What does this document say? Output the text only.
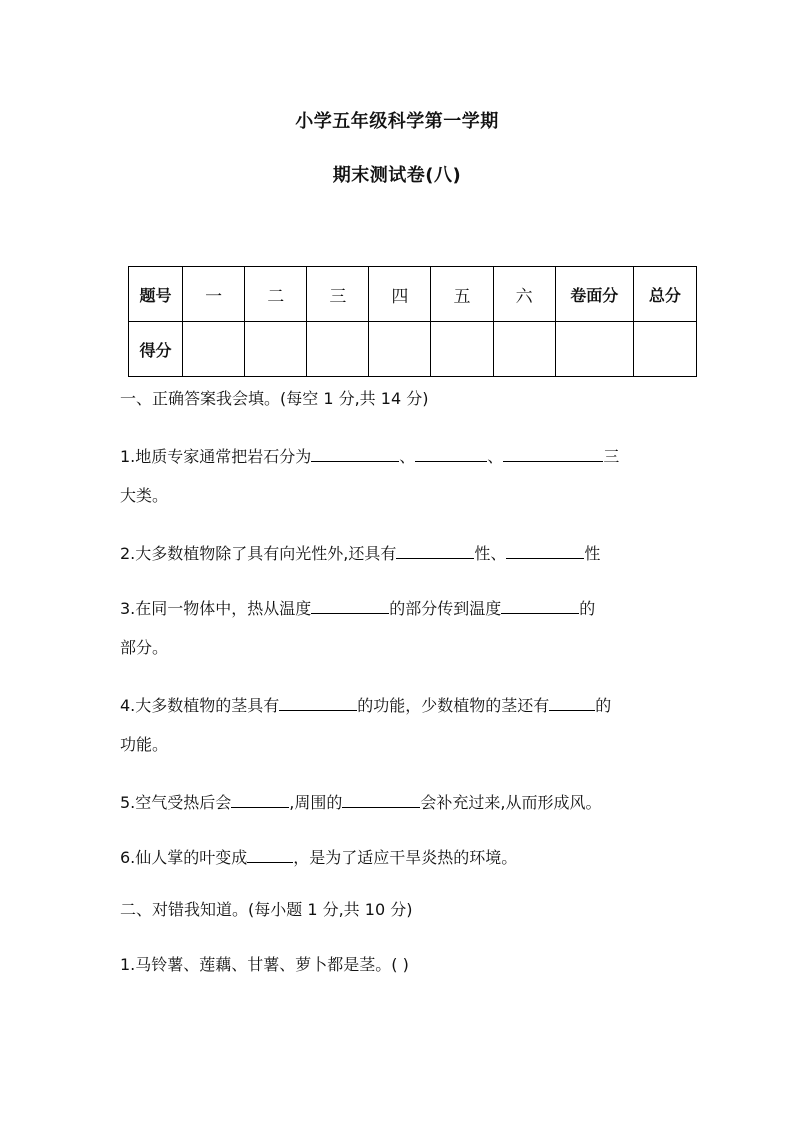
小学五年级科学第一学期
期末测试卷(八)
题号	一	二	三	四	五	六	卷面分	总分
得分								
一、正确答案我会填。(每空 1 分,共 14 分)
1.地质专家通常把岩石分为	、	、	三
大类。
2.大多数植物除了具有向光性外,还具有	性、	性
3.在同一物体中，热从温度	的部分传到温度	的
部分。
4.大多数植物的茎具有	的功能，少数植物的茎还有	的
功能。
5.空气受热后会	,周围的	会补充过来,从而形成风。
6.仙人掌的叶变成	，是为了适应干旱炎热的环境。
二、对错我知道。(每小题 1 分,共 10 分)
1.马铃薯、莲藕、甘薯、萝卜都是茎。( )
